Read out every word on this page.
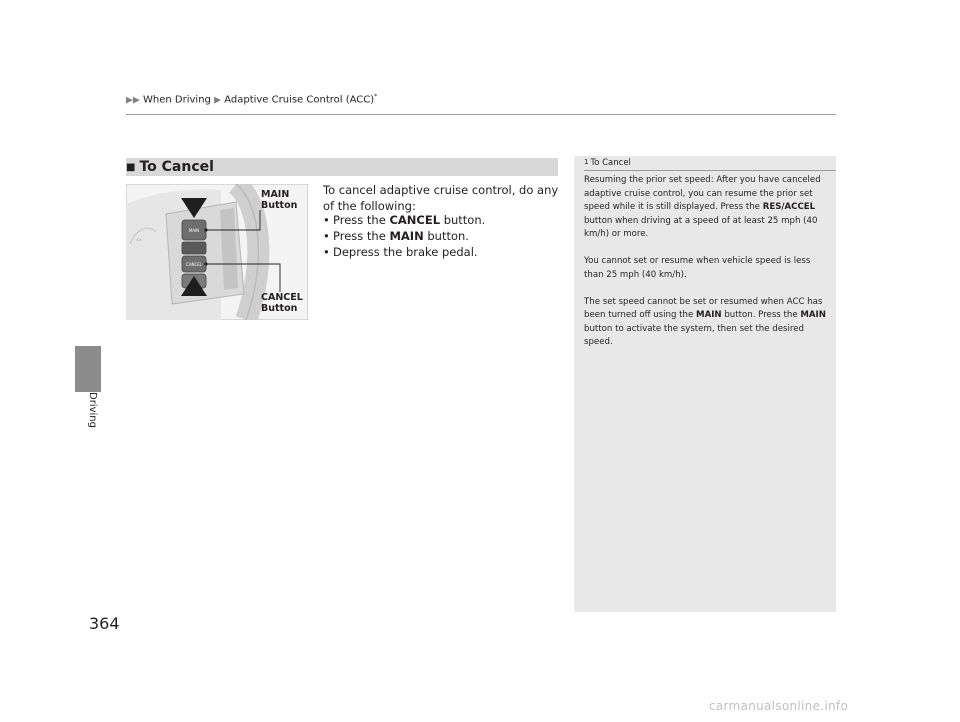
▶▶ When Driving ▶ Adaptive Cruise Control (ACC)*
Driving
364
■ To Cancel
‹›
MAIN
CANCEL
MAIN
Button
CANCEL
Button
To cancel adaptive cruise control, do any of the following:
• Press the CANCEL button.
• Press the MAIN button.
• Depress the brake pedal.
1 To Cancel

Resuming the prior set speed: After you have canceled adaptive cruise control, you can resume the prior set speed while it is still displayed. Press the RES/ACCEL button when driving at a speed of at least 25 mph (40 km/h) or more.

You cannot set or resume when vehicle speed is less than 25 mph (40 km/h).

The set speed cannot be set or resumed when ACC has been turned off using the MAIN button. Press the MAIN button to activate the system, then set the desired speed.

carmanualsonline.info
